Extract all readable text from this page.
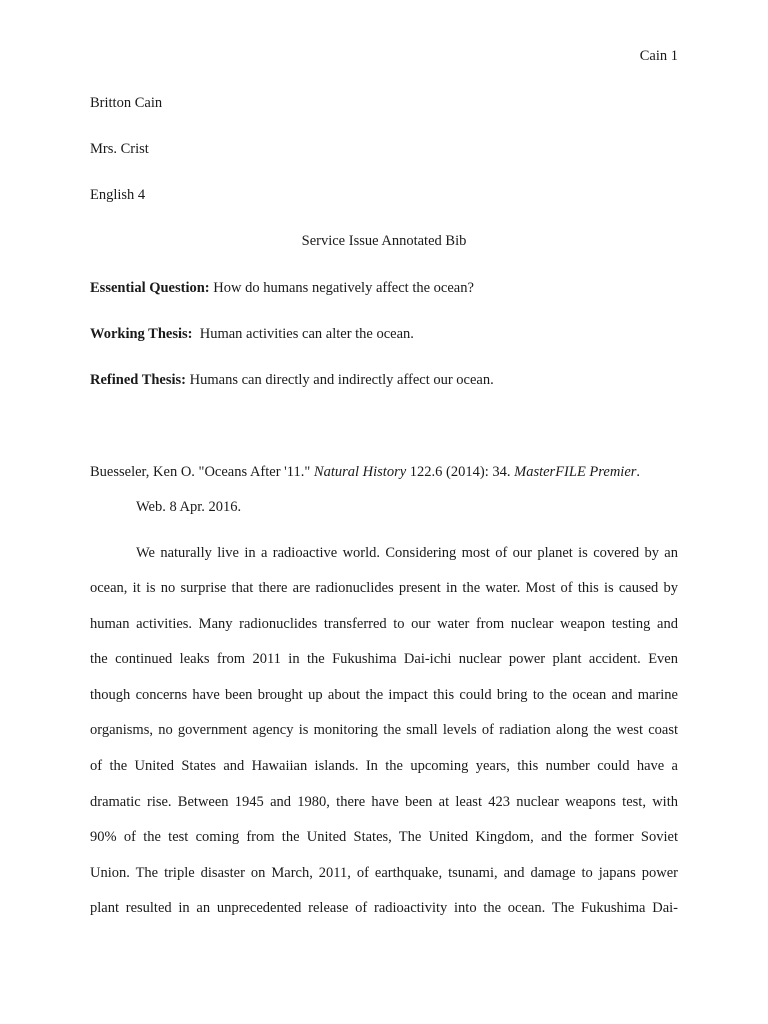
Cain 1
Britton Cain
Mrs. Crist
English 4
Service Issue Annotated Bib
Essential Question: How do humans negatively affect the ocean?
Working Thesis:  Human activities can alter the ocean.
Refined Thesis: Humans can directly and indirectly affect our ocean.
Buesseler, Ken O. "Oceans After '11." Natural History 122.6 (2014): 34. MasterFILE Premier.
Web. 8 Apr. 2016.
We naturally live in a radioactive world. Considering most of our planet is covered by an
ocean, it is no surprise that there are radionuclides present in the water. Most of this is caused by
human activities. Many radionuclides transferred to our water from nuclear weapon testing and
the continued leaks from 2011 in the Fukushima Dai-ichi nuclear power plant accident. Even
though concerns have been brought up about the impact this could bring to the ocean and marine
organisms, no government agency is monitoring the small levels of radiation along the west coast
of the United States and Hawaiian islands. In the upcoming years, this number could have a
dramatic rise. Between 1945 and 1980, there have been at least 423 nuclear weapons test, with
90% of the test coming from the United States, The United Kingdom, and the former Soviet
Union. The triple disaster on March, 2011, of earthquake, tsunami, and damage to japans power
plant resulted in an unprecedented release of radioactivity into the ocean. The Fukushima Dai-
